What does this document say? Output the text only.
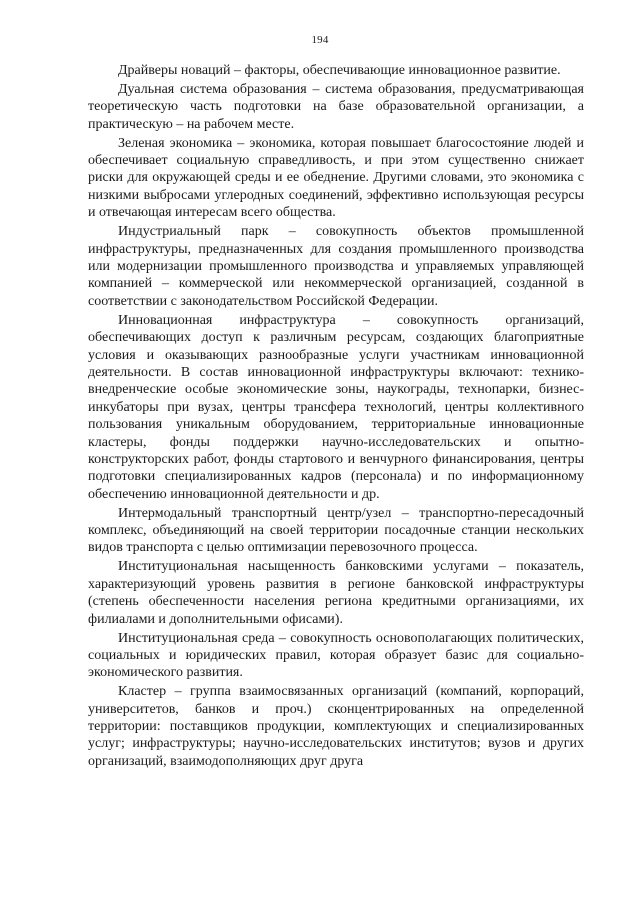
194

Драйверы новаций – факторы, обеспечивающие инновационное развитие.

Дуальная система образования – система образования, предусматривающая теоретическую часть подготовки на базе образовательной организации, а практическую – на рабочем месте.

Зеленая экономика – экономика, которая повышает благосостояние людей и обеспечивает социальную справедливость, и при этом существенно снижает риски для окружающей среды и ее обеднение. Другими словами, это экономика с низкими выбросами углеродных соединений, эффективно использующая ресурсы и отвечающая интересам всего общества.

Индустриальный парк – совокупность объектов промышленной инфраструктуры, предназначенных для создания промышленного производства или модернизации промышленного производства и управляемых управляющей компанией – коммерческой или некоммерческой организацией, созданной в соответствии с законодательством Российской Федерации.

Инновационная инфраструктура – совокупность организаций, обеспечивающих доступ к различным ресурсам, создающих благоприятные условия и оказывающих разнообразные услуги участникам инновационной деятельности. В состав инновационной инфраструктуры включают: технико-внедренческие особые экономические зоны, наукограды, технопарки, бизнес-инкубаторы при вузах, центры трансфера технологий, центры коллективного пользования уникальным оборудованием, территориальные инновационные кластеры, фонды поддержки научно-исследовательских и опытно-конструкторских работ, фонды стартового и венчурного финансирования, центры подготовки специализированных кадров (персонала) и по информационному обеспечению инновационной деятельности и др.

Интермодальный транспортный центр/узел – транспортно-пересадочный комплекс, объединяющий на своей территории посадочные станции нескольких видов транспорта с целью оптимизации перевозочного процесса.

Институциональная насыщенность банковскими услугами – показатель, характеризующий уровень развития в регионе банковской инфраструктуры (степень обеспеченности населения региона кредитными организациями, их филиалами и дополнительными офисами).

Институциональная среда – совокупность основополагающих политических, социальных и юридических правил, которая образует базис для социально-экономического развития.

Кластер – группа взаимосвязанных организаций (компаний, корпораций, университетов, банков и проч.) сконцентрированных на определенной территории: поставщиков продукции, комплектующих и специализированных услуг; инфраструктуры; научно-исследовательских институтов; вузов и других организаций, взаимодополняющих друг друга
